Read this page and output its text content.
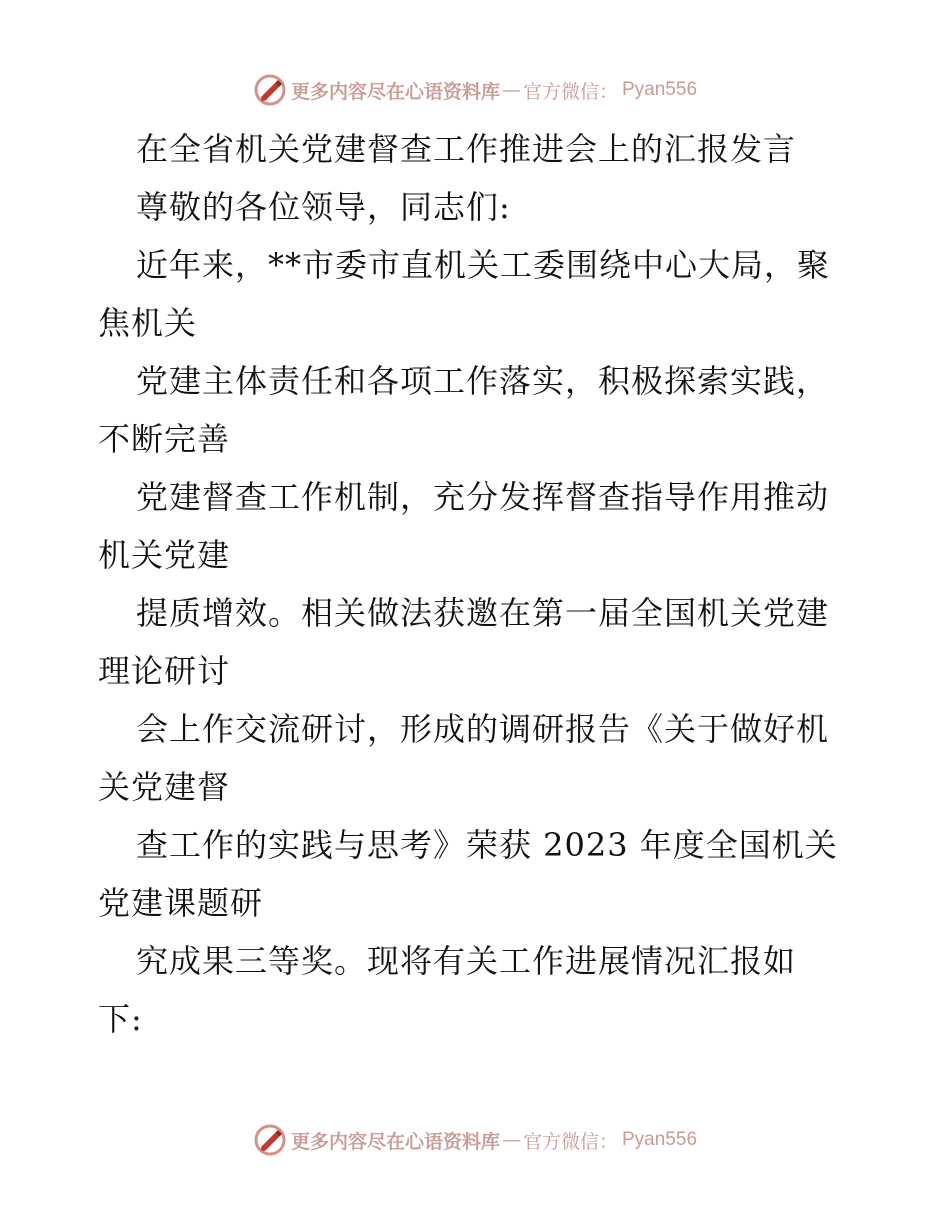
更多内容尽在心语资料库 — 官方微信： Pyan556
在全省机关党建督查工作推进会上的汇报发言
尊敬的各位领导，同志们:
近年来，**市委市直机关工委围绕中心大局，聚
焦机关
党建主体责任和各项工作落实，积极探索实践，
不断完善
党建督查工作机制，充分发挥督查指导作用推动
机关党建
提质增效。相关做法获邀在第一届全国机关党建
理论研讨
会上作交流研讨，形成的调研报告《关于做好机
关党建督
查工作的实践与思考》荣获 2023 年度全国机关
党建课题研
究成果三等奖。现将有关工作进展情况汇报如
下:
更多内容尽在心语资料库 — 官方微信： Pyan556
